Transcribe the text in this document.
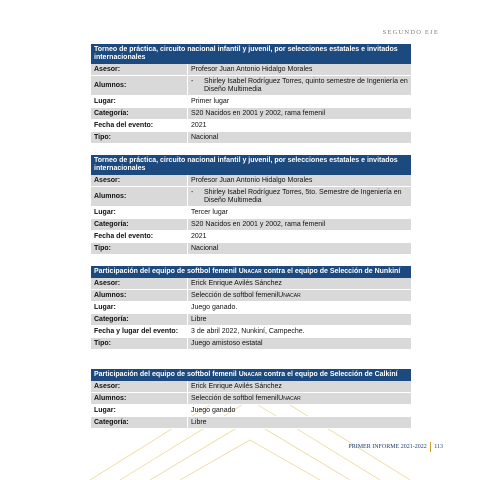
SEGUNDO EJE
Torneo de práctica, circuito nacional infantil y juvenil, por selecciones estatales e invitados internacionales
Asesor:	Profesor Juan Antonio Hidalgo Morales
Alumnos:
-	Shirley Isabel Rodríguez Torres, quinto semestre de Ingeniería en Diseño Multimedia
Lugar:	Primer lugar
Categoría:	S20 Nacidos en 2001 y 2002, rama femenil
Fecha del evento:	2021
Tipo:	Nacional
Torneo de práctica, circuito nacional infantil y juvenil, por selecciones estatales e invitados internacionales
Asesor:	Profesor Juan Antonio Hidalgo Morales
Alumnos:
-	Shirley Isabel Rodríguez Torres, 5to. Semestre de Ingeniería en Diseño Multimedia
Lugar:	Tercer lugar
Categoría:	S20 Nacidos en 2001 y 2002, rama femenil
Fecha del evento:	2021
Tipo:	Nacional
Participación del equipo de softbol femenil Unacar contra el equipo de Selección de Nunkiní
Asesor:	Erick Enrique Avilés Sánchez
Alumnos:	Selección de softbol femenil Unacar
Lugar:	Juego ganado.
Categoría:	Libre
Fecha y lugar del evento:	3 de abril 2022, Nunkiní, Campeche.
Tipo:	Juego amistoso estatal
Participación del equipo de softbol femenil Unacar contra el equipo de Selección de Calkiní
Asesor:	Erick Enrique Avilés Sánchez
Alumnos:	Selección de softbol femenil Unacar
Lugar:	Juego ganado
Categoría:	Libre
PRIMER INFORME 2021-2022 113
